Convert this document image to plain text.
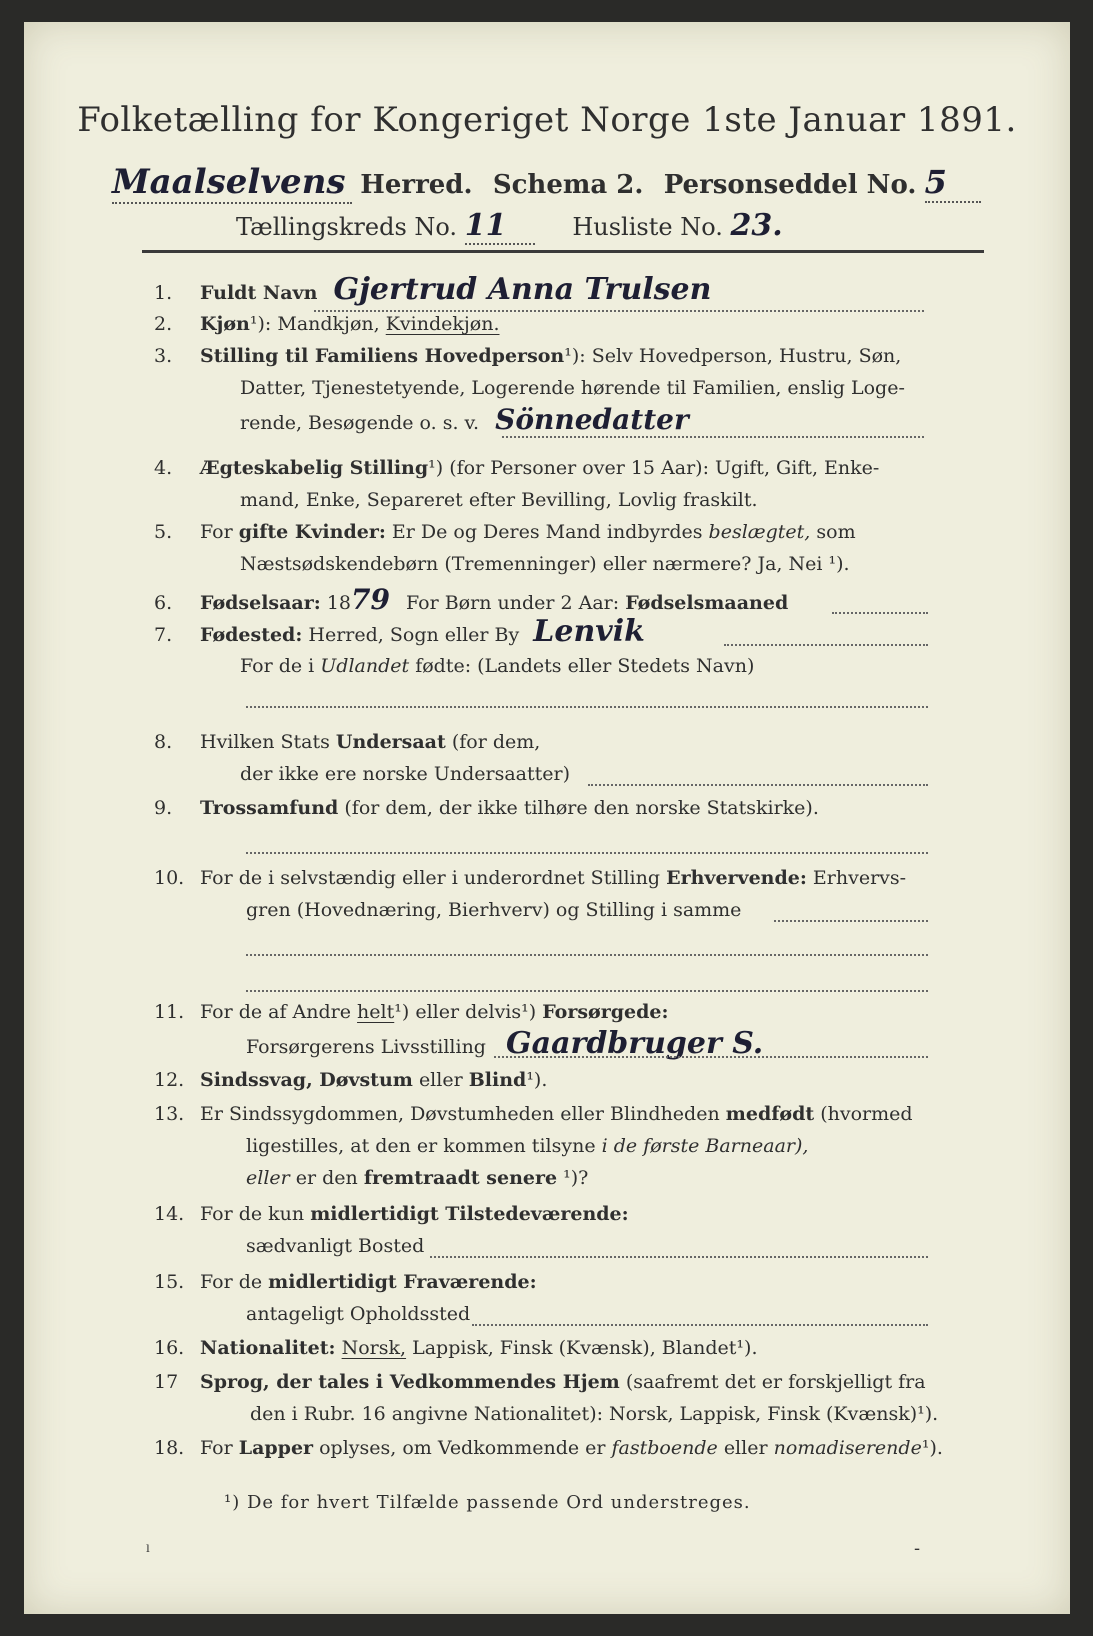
Folketælling for Kongeriget Norge 1ste Januar 1891.
Maalselvens Herred. Schema 2. Personseddel No. 5
Tællingskreds No. 11	Husliste No. 23.
1. Fuldt Navn Gjertrud Anna Trulsen
2. Kjøn¹): Mandkjøn, Kvindekjøn.
3. Stilling til Familiens Hovedperson¹): Selv Hovedperson, Hustru, Søn,
Datter, Tjenestetyende, Logerende hørende til Familien, enslig Loge-
rende, Besøgende o. s. v. Sönnedatter
4. Ægteskabelig Stilling¹) (for Personer over 15 Aar): Ugift, Gift, Enke-
mand, Enke, Separeret efter Bevilling, Lovlig fraskilt.
5. For gifte Kvinder: Er De og Deres Mand indbyrdes beslægtet, som
Næstsødskendebørn (Tremenninger) eller nærmere? Ja, Nei ¹).
6. Fødselsaar: 1879 For Børn under 2 Aar: Fødselsmaaned
7. Fødested: Herred, Sogn eller By Lenvik
For de i Udlandet fødte: (Landets eller Stedets Navn)
8. Hvilken Stats Undersaat (for dem,
der ikke ere norske Undersaatter)
9. Trossamfund (for dem, der ikke tilhøre den norske Statskirke).
10. For de i selvstændig eller i underordnet Stilling Erhvervende: Erhvervs-
gren (Hovednæring, Bierhverv) og Stilling i samme
11. For de af Andre helt¹) eller delvis¹) Forsørgede:
Forsørgerens Livsstilling Gaardbruger S.
12. Sindssvag, Døvstum eller Blind¹).
13. Er Sindssygdommen, Døvstumheden eller Blindheden medfødt (hvormed
ligestilles, at den er kommen tilsyne i de første Barneaar),
eller er den fremtraadt senere ¹)?
14. For de kun midlertidigt Tilstedeværende:
sædvanligt Bosted
15. For de midlertidigt Fraværende:
antageligt Opholdssted
16. Nationalitet: Norsk, Lappisk, Finsk (Kvænsk), Blandet¹).
17 Sprog, der tales i Vedkommendes Hjem (saafremt det er forskjelligt fra
den i Rubr. 16 angivne Nationalitet): Norsk, Lappisk, Finsk (Kvænsk)¹).
18. For Lapper oplyses, om Vedkommende er fastboende eller nomadiserende¹).
¹) De for hvert Tilfælde passende Ord understreges.
ˡ	-
